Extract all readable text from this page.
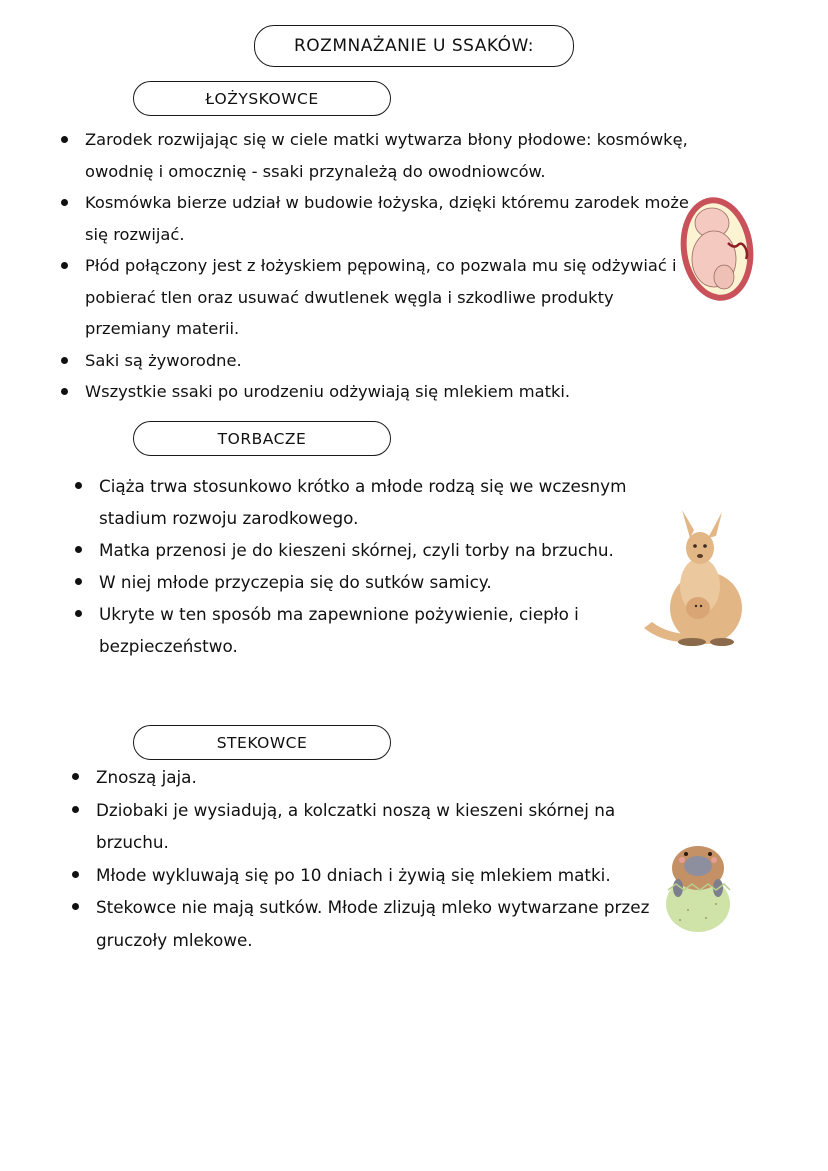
ROZMNAŻANIE U SSAKÓW:
ŁOŻYSKOWCE
Zarodek rozwijając się w ciele matki wytwarza błony płodowe: kosmówkę, owodnię i omocznię - ssaki przynależą do owodniowców.
Kosmówka bierze udział w budowie łożyska, dzięki któremu zarodek może się rozwijać.
Płód połączony jest z łożyskiem pępowiną, co pozwala mu się odżywiać i pobierać tlen oraz usuwać dwutlenek węgla i szkodliwe produkty przemiany materii.
Saki są żyworodne.
Wszystkie ssaki po urodzeniu odżywiają się mlekiem matki.
TORBACZE
Ciąża trwa stosunkowo krótko a młode rodzą się we wczesnym stadium rozwoju zarodkowego.
Matka przenosi je do kieszeni skórnej, czyli torby na brzuchu.
W niej młode przyczepia się do sutków samicy.
Ukryte w ten sposób ma zapewnione pożywienie, ciepło i bezpieczeństwo.
STEKOWCE
Znoszą jaja.
Dziobaki je wysiadują, a kolczatki noszą w kieszeni skórnej na brzuchu.
Młode wykluwają się po 10 dniach i żywią się mlekiem matki.
Stekowce nie mają sutków. Młode zlizują mleko wytwarzane przez gruczoły mlekowe.
